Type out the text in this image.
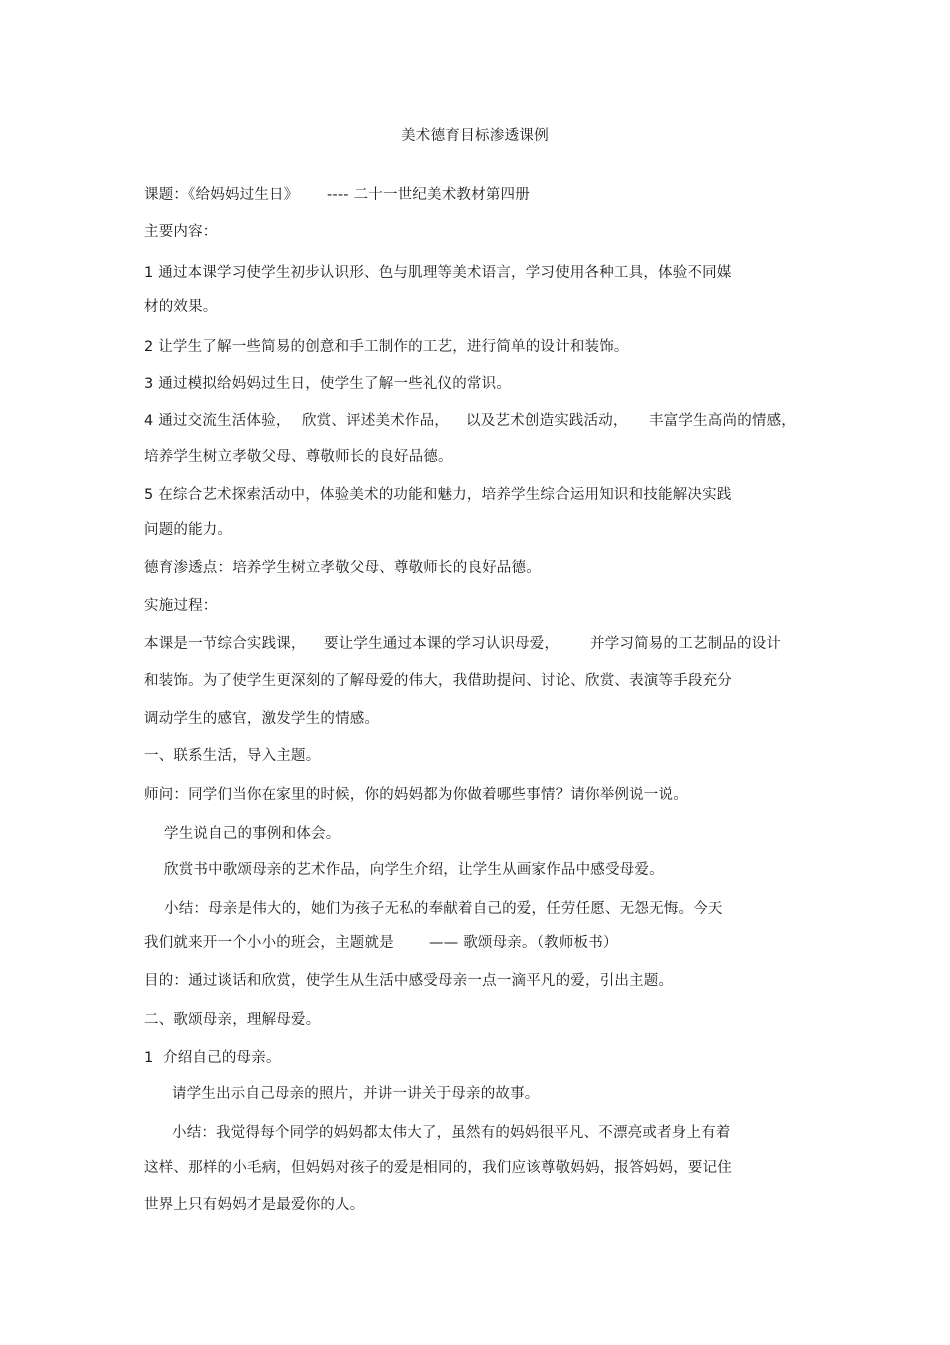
美术德育目标渗透课例

课题：《给妈妈过生日》

---- 二十一世纪美术教材第四册

主要内容：
1 通过本课学习使学生初步认识形、色与肌理等美术语言，学习使用各种工具，体验不同媒
材的效果。
2 让学生了解一些简易的创意和手工制作的工艺，进行简单的设计和装饰。
3 通过模拟给妈妈过生日，使学生了解一些礼仪的常识。

4 通过交流生活体验，

欣赏、评述美术作品，

以及艺术创造实践活动，

丰富学生高尚的情感，

培养学生树立孝敬父母、尊敬师长的良好品德。
5 在综合艺术探索活动中，体验美术的功能和魅力，培养学生综合运用知识和技能解决实践
问题的能力。
德育渗透点：培养学生树立孝敬父母、尊敬师长的良好品德。
实施过程：

本课是一节综合实践课，

要让学生通过本课的学习认识母爱，

并学习简易的工艺制品的设计

和装饰。为了使学生更深刻的了解母爱的伟大，我借助提问、讨论、欣赏、表演等手段充分
调动学生的感官，激发学生的情感。
一、联系生活，导入主题。
师问：同学们当你在家里的时候，你的妈妈都为你做着哪些事情？请你举例说一说。
学生说自己的事例和体会。
欣赏书中歌颂母亲的艺术作品，向学生介绍，让学生从画家作品中感受母爱。
小结：母亲是伟大的，她们为孩子无私的奉献着自己的爱，任劳任愿、无怨无悔。今天

我们就来开一个小小的班会，主题就是

—— 歌颂母亲。（教师板书）

目的：通过谈话和欣赏，使学生从生活中感受母亲一点一滴平凡的爱，引出主题。
二、歌颂母亲，理解母爱。
1  介绍自己的母亲。
请学生出示自己母亲的照片，并讲一讲关于母亲的故事。
小结：我觉得每个同学的妈妈都太伟大了，虽然有的妈妈很平凡、不漂亮或者身上有着
这样、那样的小毛病，但妈妈对孩子的爱是相同的，我们应该尊敬妈妈，报答妈妈，要记住
世界上只有妈妈才是最爱你的人。
